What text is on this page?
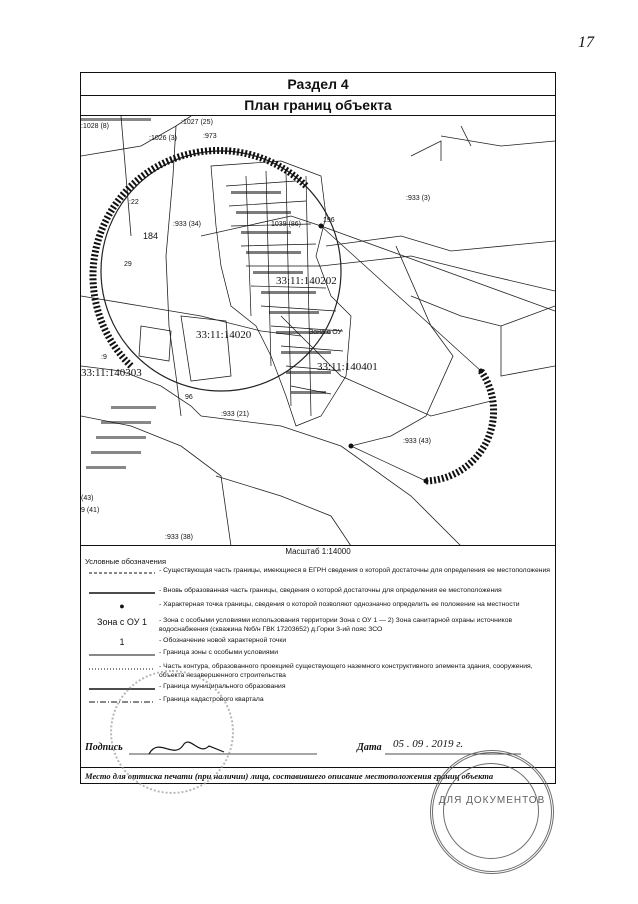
17
Раздел 4
План границ объекта
:1028 (8)
:1027 (25)
:1026 (3)	:973
:933 (3)
:933 (34)
:933 (21)
:933 (43)
:933 (38)
196
1039 (86)
:9
:22
29
184
96
(43)
9 (41)
Зона с ОУ
33:11:140303
33:11:140202
33:11:140401
33:11:14020
Масштаб 1:14000
Условные обозначения
- Существующая часть границы, имеющиеся в ЕГРН сведения о которой достаточны для определения ее местоположения
- Вновь образованная часть границы, сведения о которой достаточны для определения ее местоположения
●	- Характерная точка границы, сведения о которой позволяют однозначно определить ее положение на местности
Зона с ОУ 1	- Зона с особыми условиями использования территории Зона с ОУ 1 — 2) Зона санитарной охраны источников водоснабжения (скважина №б/н ГВК 17203652) д.Горки 3-ий пояс ЗСО
1	- Обозначение новой характерной точки
- Граница зоны с особыми условиями
- Часть контура, образованного проекцией существующего наземного конструктивного элемента здания, сооружения, объекта незавершенного строительства
- Граница муниципального образования
- Граница кадастрового квартала
Подпись	Дата 05 . 09 . 2019 г.
Место для оттиска печати (при наличии) лица, составившего описание местоположения границ объекта
ДЛЯ ДОКУМЕНТОВ
